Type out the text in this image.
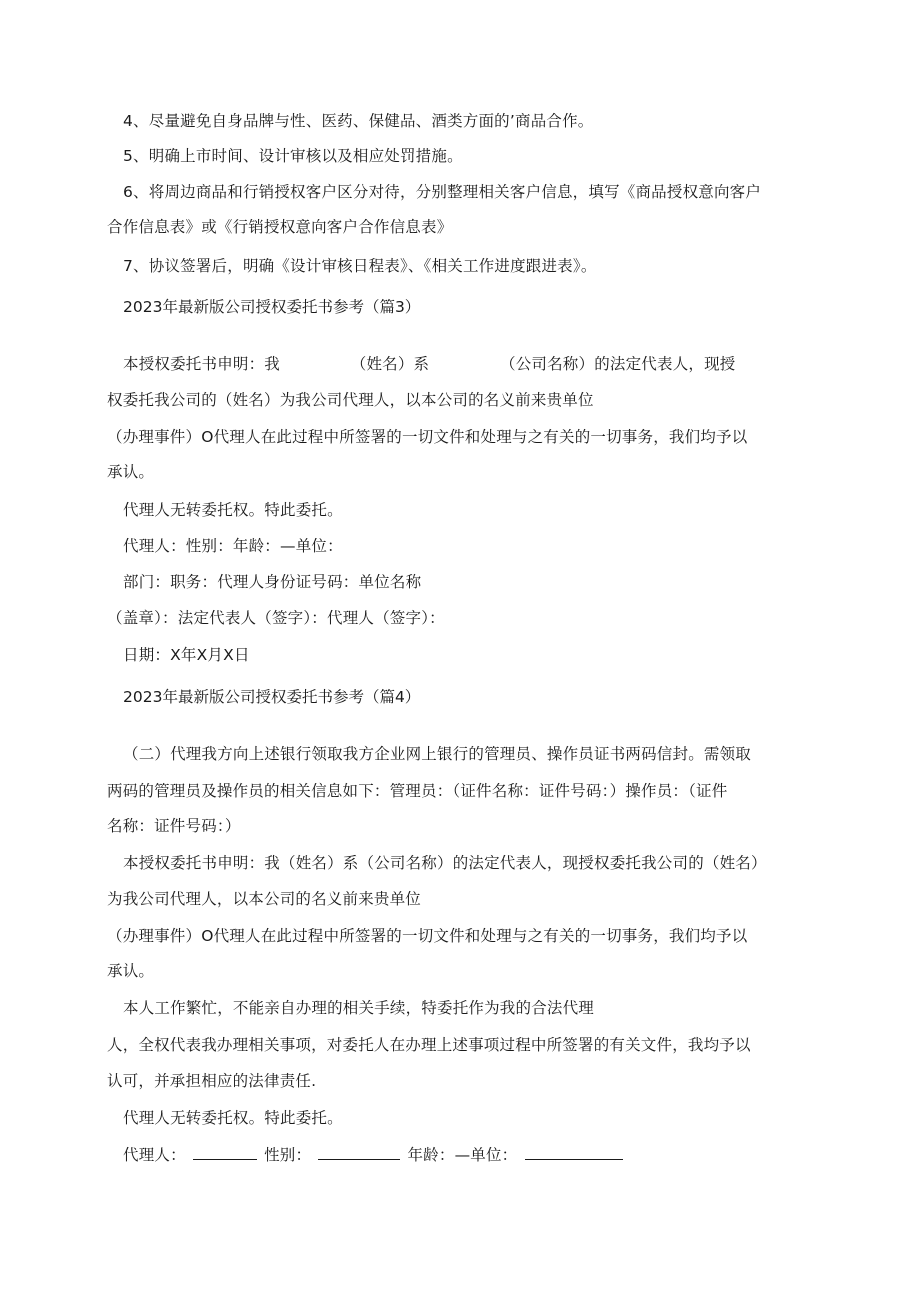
4、尽量避免自身品牌与性、医药、保健品、酒类方面的’商品合作。
5、明确上市时间、设计审核以及相应处罚措施。
6、将周边商品和行销授权客户区分对待，分别整理相关客户信息，填写《商品授权意向客户
合作信息表》或《行销授权意向客户合作信息表》
7、协议签署后，明确《设计审核日程表》、《相关工作进度跟进表》。
2023年最新版公司授权委托书参考（篇3）
本授权委托书申明：我　　　　　（姓名）系　　　　　（公司名称）的法定代表人，现授
权委托我公司的（姓名）为我公司代理人，以本公司的名义前来贵单位
（办理事件）O代理人在此过程中所签署的一切文件和处理与之有关的一切事务，我们均予以
承认。
代理人无转委托权。特此委托。
代理人：性别：年龄：—单位：
部门：职务：代理人身份证号码：单位名称
（盖章）：法定代表人（签字）：代理人（签字）：
日期：X年X月X日
2023年最新版公司授权委托书参考（篇4）
（二）代理我方向上述银行领取我方企业网上银行的管理员、操作员证书两码信封。需领取
两码的管理员及操作员的相关信息如下：管理员：（证件名称：证件号码：）操作员：（证件
名称：证件号码：）
本授权委托书申明：我（姓名）系（公司名称）的法定代表人，现授权委托我公司的（姓名）
为我公司代理人，以本公司的名义前来贵单位
（办理事件）O代理人在此过程中所签署的一切文件和处理与之有关的一切事务，我们均予以
承认。
本人工作繁忙，不能亲自办理的相关手续，特委托作为我的合法代理
人，全权代表我办理相关事项，对委托人在办理上述事项过程中所签署的有关文件，我均予以
认可，并承担相应的法律责任.
代理人无转委托权。特此委托。
代理人：	性别：	年龄：—单位：
